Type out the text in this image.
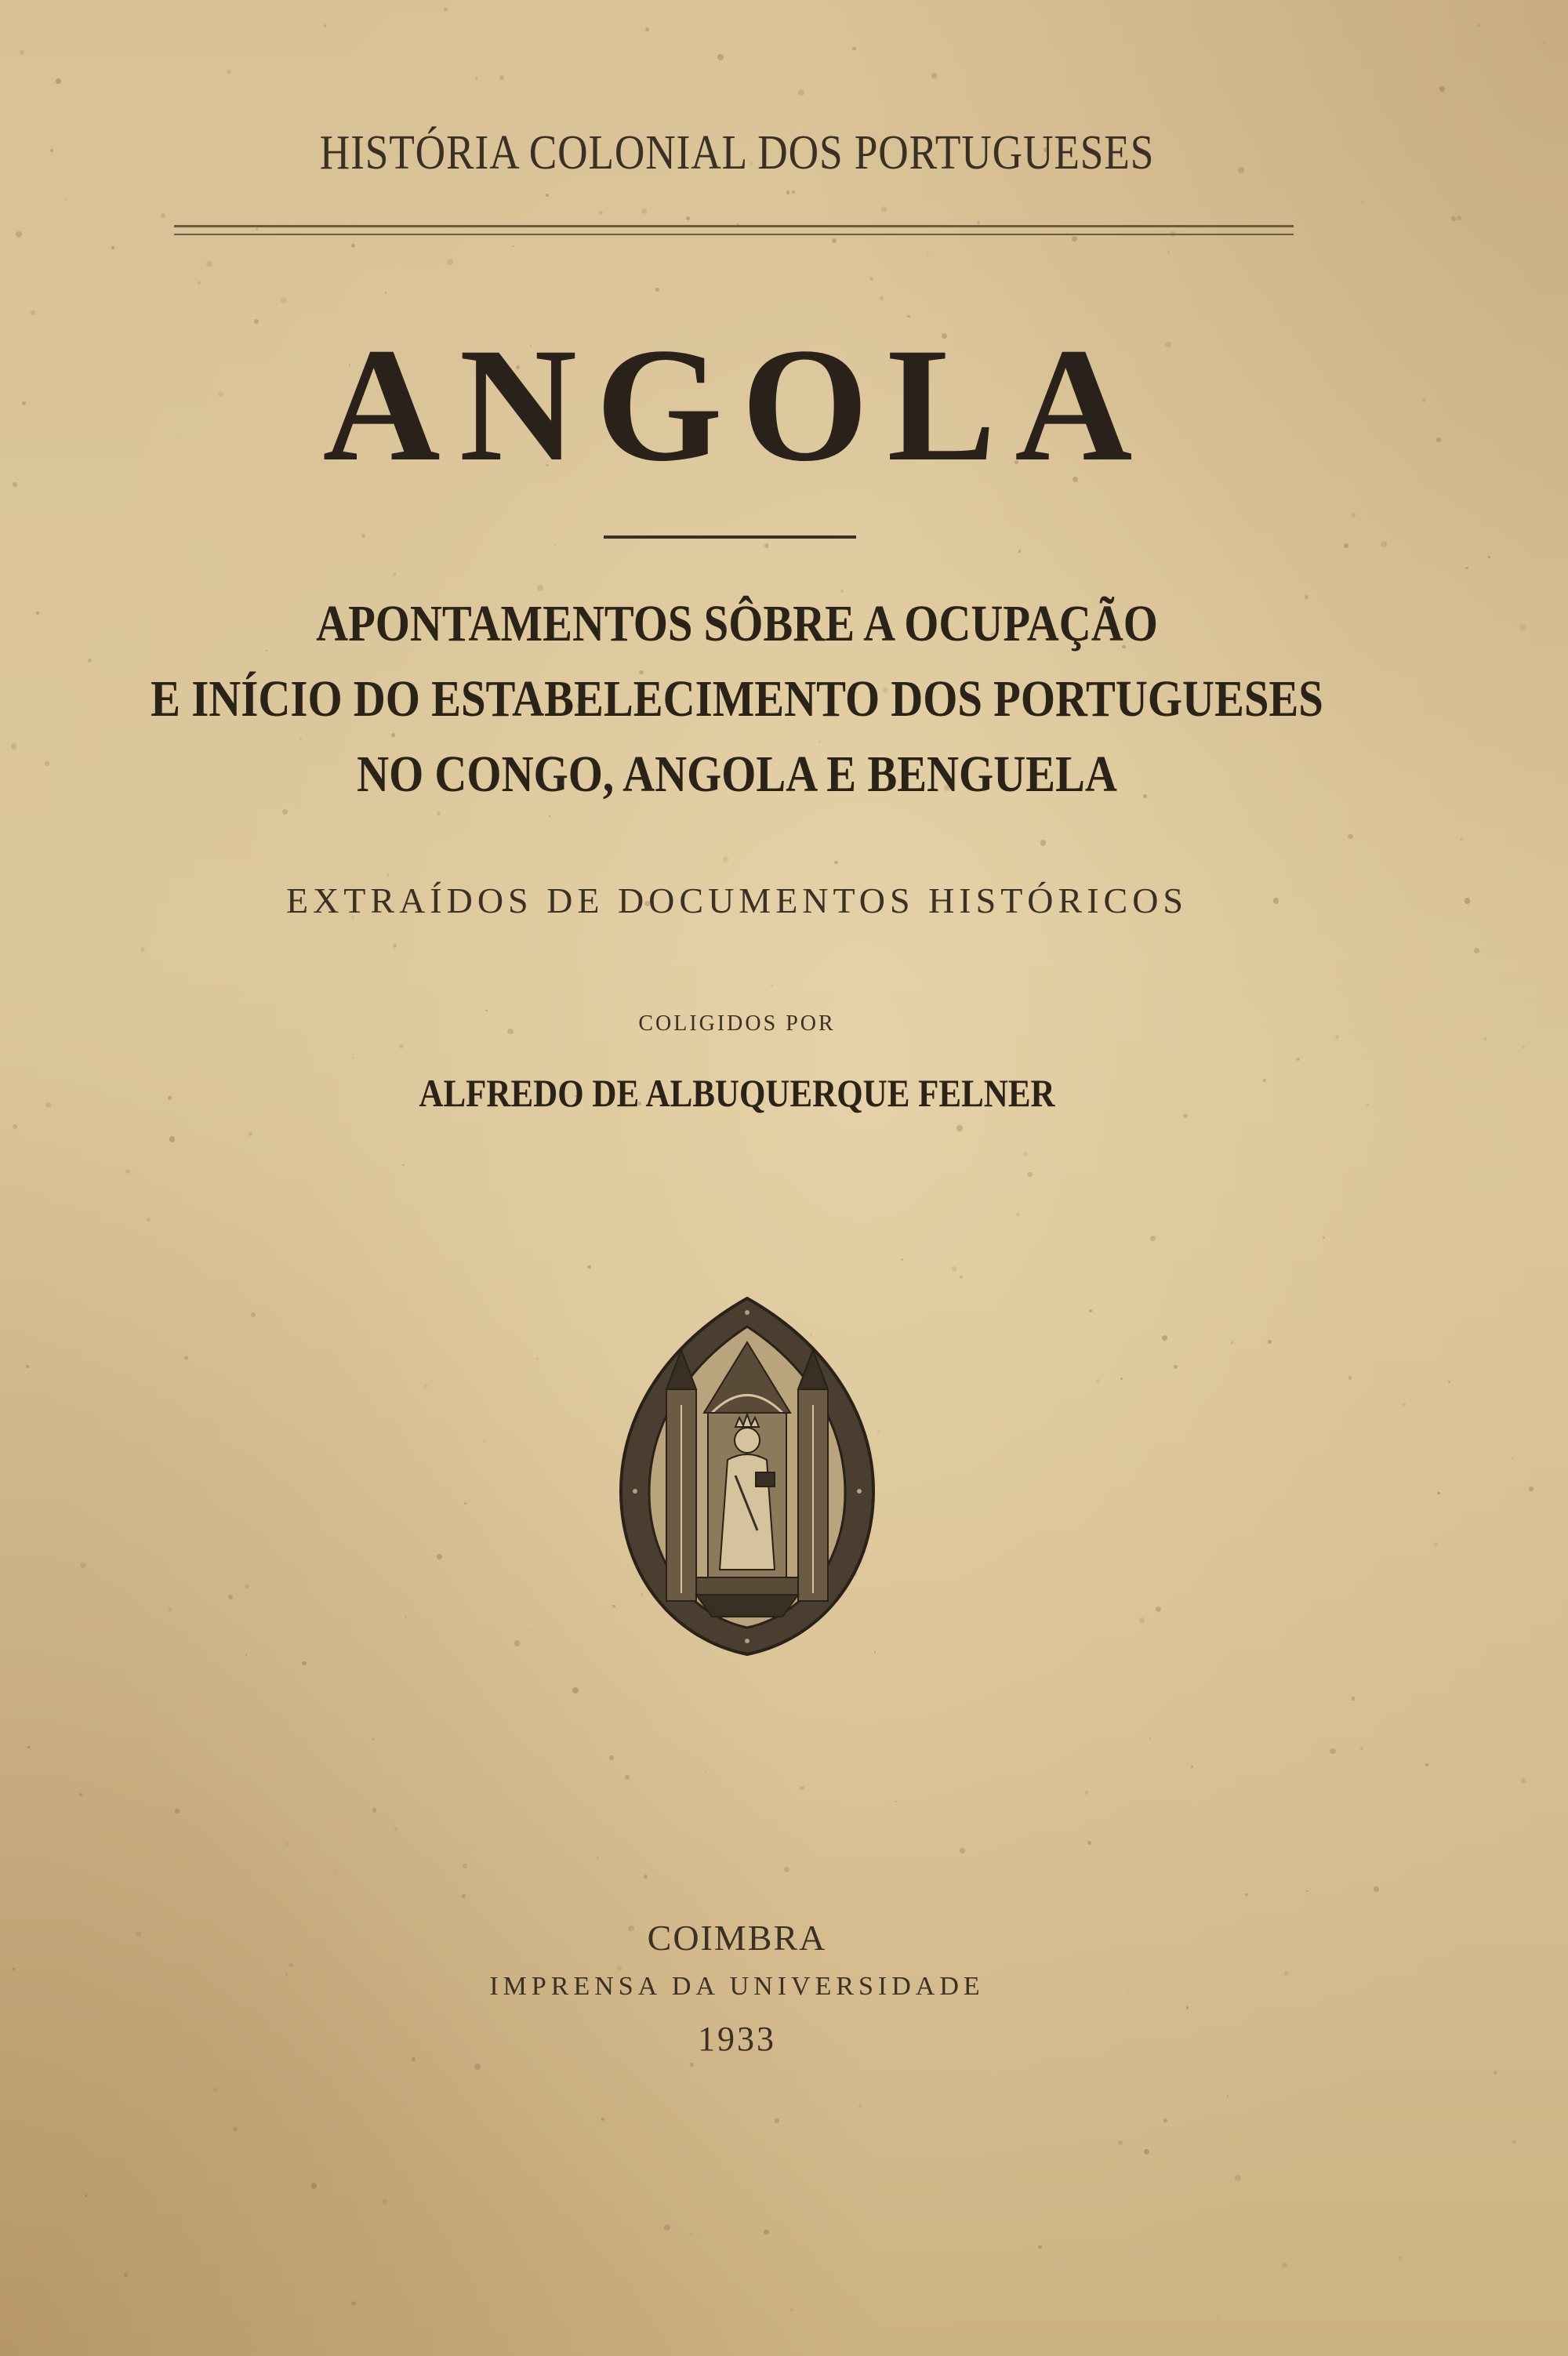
HISTÓRIA COLONIAL DOS PORTUGUESES
ANGOLA
APONTAMENTOS SÔBRE A OCUPAÇÃO
E INÍCIO DO ESTABELECIMENTO DOS PORTUGUESES
NO CONGO, ANGOLA E BENGUELA
EXTRAÍDOS DE DOCUMENTOS HISTÓRICOS
COLIGIDOS POR
ALFREDO DE ALBUQUERQUE FELNER
COIMBRA
IMPRENSA DA UNIVERSIDADE
1933
